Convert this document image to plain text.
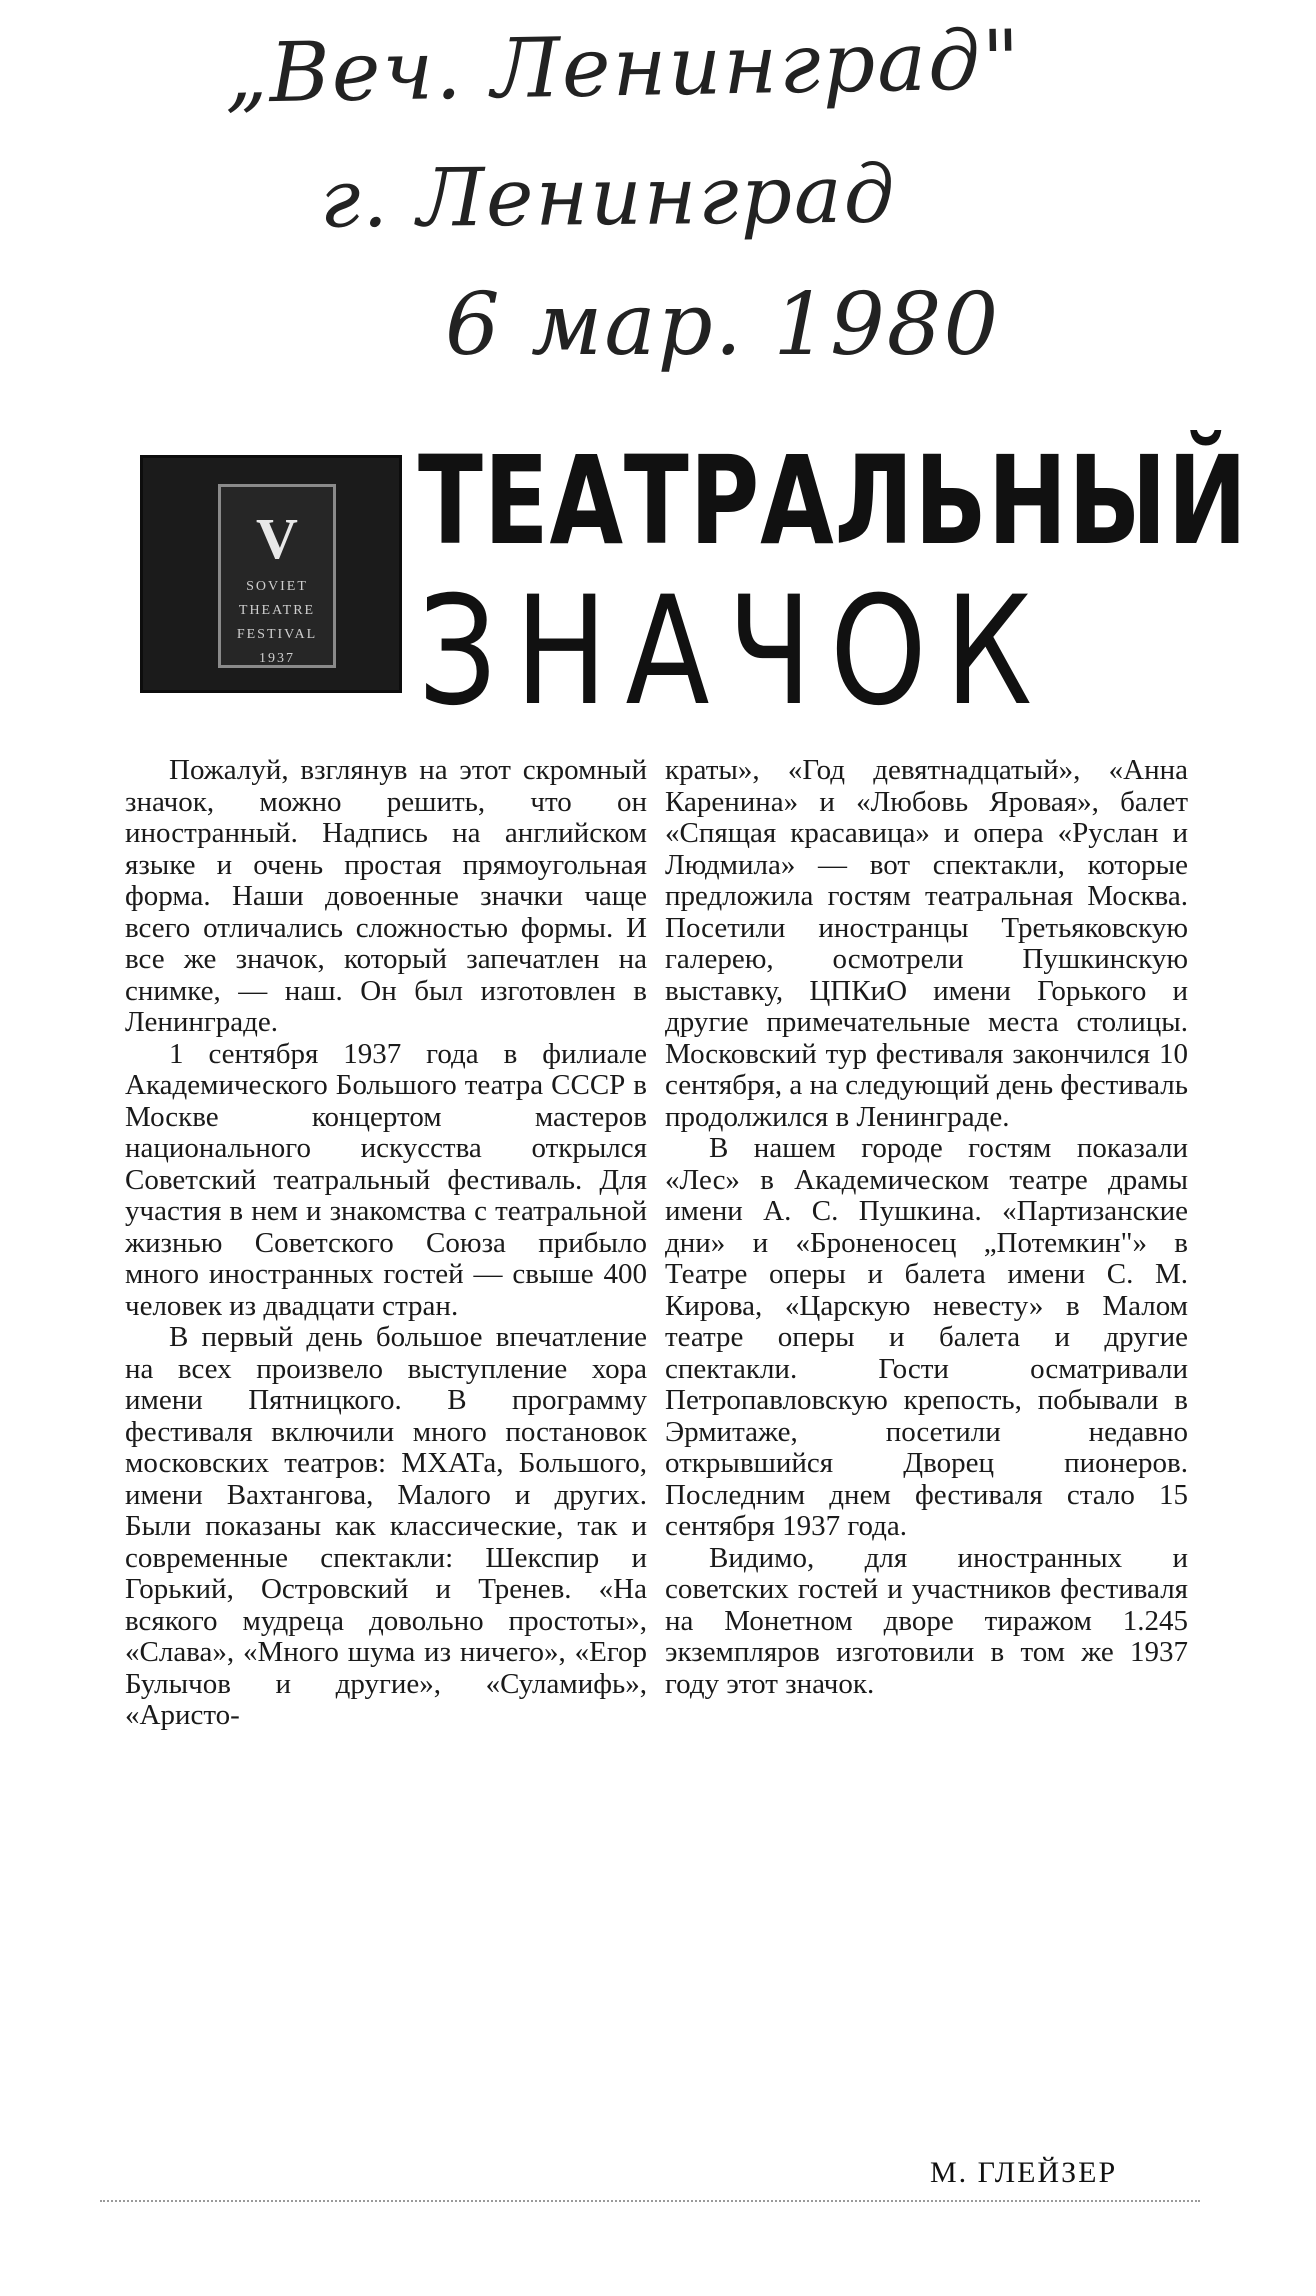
„Веч. Ленинград"
г. Ленинград
6 мар. 1980
V
SOVIET
THEATRE
FESTIVAL
1937
ТЕАТРАЛЬНЫЙ
ЗНАЧОК

Пожалуй, взглянув на этот скромный значок, можно решить, что он иностранный. Надпись на английском языке и очень простая прямоугольная форма. Наши довоенные значки чаще всего отличались сложностью формы. И все же значок, который запечатлен на снимке, — наш. Он был изготовлен в Ленинграде.

1 сентября 1937 года в филиале Академического Большого театра СССР в Москве концертом мастеров национального искусства открылся Советский театральный фестиваль. Для участия в нем и знакомства с театральной жизнью Советского Союза прибыло много иностранных гостей — свыше 400 человек из двадцати стран.

В первый день большое впечатление на всех произвело выступление хора имени Пятницкого. В программу фестиваля включили много постановок московских театров: МХАТа, Большого, имени Вахтангова, Малого и других. Были показаны как классические, так и современные спектакли: Шекспир и Горький, Островский и Тренев. «На всякого мудреца довольно простоты», «Слава», «Много шума из ничего», «Егор Булычов и другие», «Суламифь», «Аристо-

краты», «Год девятнадцатый», «Анна Каренина» и «Любовь Яровая», балет «Спящая красавица» и опера «Руслан и Людмила» — вот спектакли, которые предложила гостям театральная Москва. Посетили иностранцы Третьяковскую галерею, осмотрели Пушкинскую выставку, ЦПКиО имени Горького и другие примечательные места столицы. Московский тур фестиваля закончился 10 сентября, а на следующий день фестиваль продолжился в Ленинграде.

В нашем городе гостям показали «Лес» в Академическом театре драмы имени А. С. Пушкина. «Партизанские дни» и «Броненосец „Потемкин"» в Театре оперы и балета имени С. М. Кирова, «Царскую невесту» в Малом театре оперы и балета и другие спектакли. Гости осматривали Петропавловскую крепость, побывали в Эрмитаже, посетили недавно открывшийся Дворец пионеров. Последним днем фестиваля стало 15 сентября 1937 года.

Видимо, для иностранных и советских гостей и участников фестиваля на Монетном дворе тиражом 1.245 экземпляров изготовили в том же 1937 году этот значок.

М. ГЛЕЙЗЕР
